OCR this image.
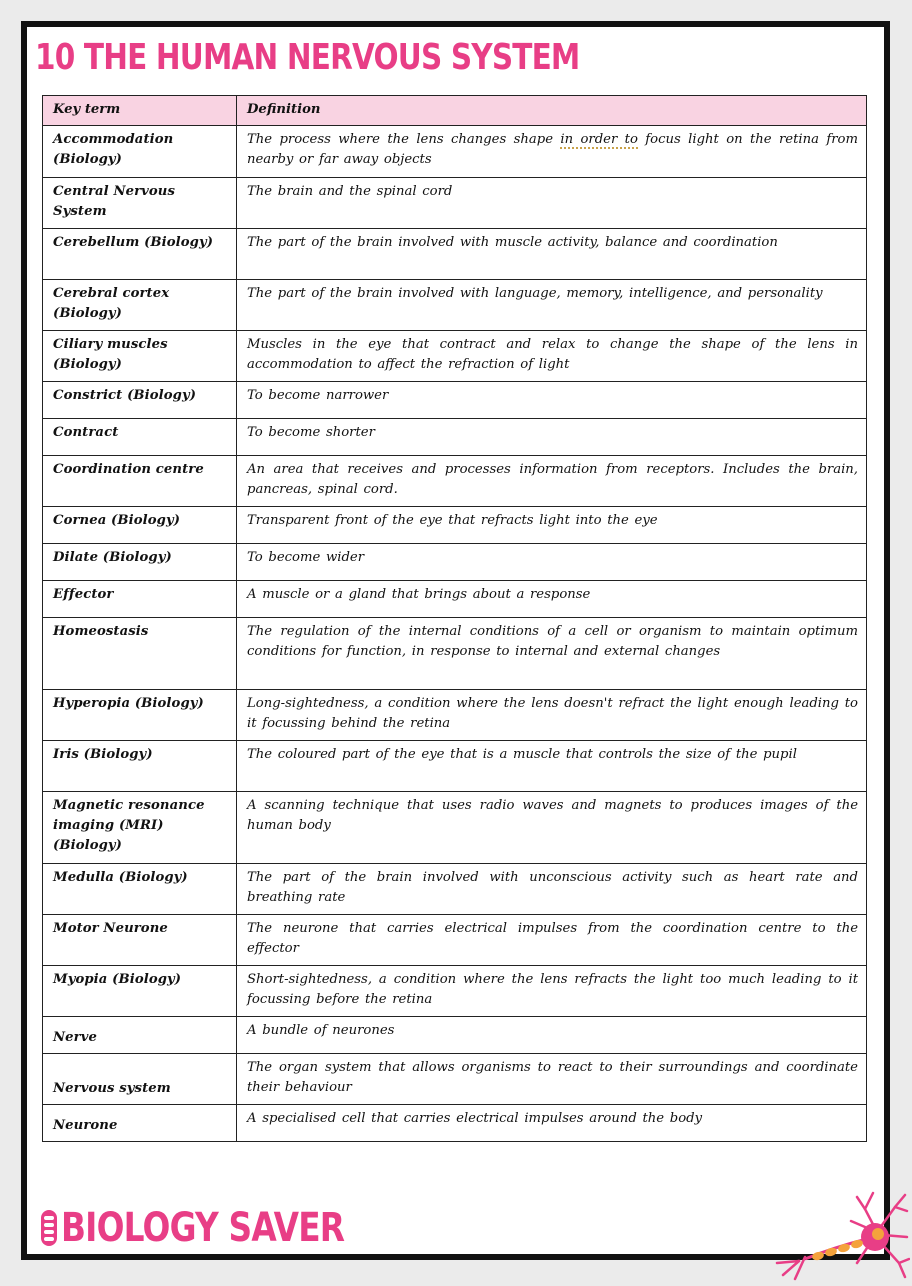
10 THE HUMAN NERVOUS SYSTEM
Key term	Definition
Accommodation (Biology)	The process where the lens changes shape in order to focus light on the retina from nearby or far away objects
Central Nervous System	The brain and the spinal cord
Cerebellum (Biology)	The part of the brain involved with muscle activity, balance and coordination
Cerebral cortex (Biology)	The part of the brain involved with language, memory, intelligence, and personality
Ciliary muscles (Biology)	Muscles in the eye that contract and relax to change the shape of the lens in accommodation to affect the refraction of light
Constrict (Biology)	To become narrower
Contract	To become shorter
Coordination centre	An area that receives and processes information from receptors. Includes the brain, pancreas, spinal cord.
Cornea (Biology)	Transparent front of the eye that refracts light into the eye
Dilate (Biology)	To become wider
Effector	A muscle or a gland that brings about a response
Homeostasis	The regulation of the internal conditions of a cell or organism to maintain optimum conditions for function, in response to internal and external changes
Hyperopia (Biology)	Long-sightedness, a condition where the lens doesn't refract the light enough leading to it focussing behind the retina
Iris (Biology)	The coloured part of the eye that is a muscle that controls the size of the pupil
Magnetic resonance imaging (MRI) (Biology)	A scanning technique that uses radio waves and magnets to produces images of the human body
Medulla (Biology)	The part of the brain involved with unconscious activity such as heart rate and breathing rate
Motor Neurone	The neurone that carries electrical impulses from the coordination centre to the effector
Myopia (Biology)	Short-sightedness, a condition where the lens refracts the light too much leading to it focussing before the retina
Nerve	A bundle of neurones
Nervous system	The organ system that allows organisms to react to their surroundings and coordinate their behaviour
Neurone	A specialised cell that carries electrical impulses around the body
BIOLOGY SAVER
